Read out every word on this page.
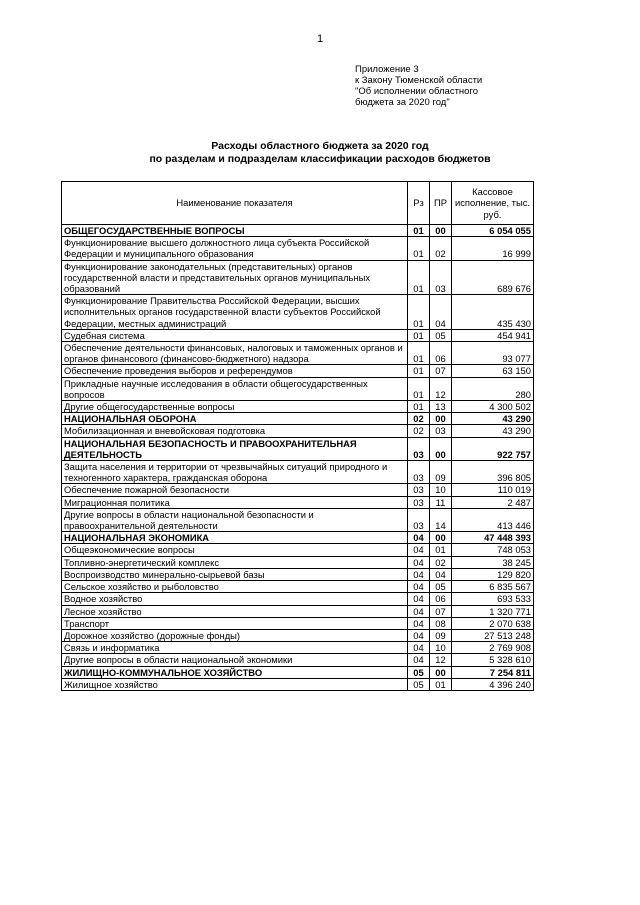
1
Приложение 3
к Закону Тюменской области
"Об исполнении областного
бюджета за 2020 год"
Расходы областного бюджета за 2020 год
по разделам и подразделам классификации расходов бюджетов
Наименование показателя	Рз	ПР	Кассовое исполнение, тыс. руб.
ОБЩЕГОСУДАРСТВЕННЫЕ ВОПРОСЫ	01	00	6 054 055
Функционирование высшего должностного лица субъекта Российской Федерации и муниципального образования	01	02	16 999
Функционирование законодательных (представительных) органов государственной власти и представительных органов муниципальных образований	01	03	689 676
Функционирование Правительства Российской Федерации, высших исполнительных органов государственной власти субъектов Российской Федерации, местных администраций	01	04	435 430
Судебная система	01	05	454 941
Обеспечение деятельности финансовых, налоговых и таможенных органов и органов финансового (финансово-бюджетного) надзора	01	06	93 077
Обеспечение проведения выборов и референдумов	01	07	63 150
Прикладные научные исследования в области общегосударственных вопросов	01	12	280
Другие общегосударственные вопросы	01	13	4 300 502
НАЦИОНАЛЬНАЯ ОБОРОНА	02	00	43 290
Мобилизационная и вневойсковая подготовка	02	03	43 290
НАЦИОНАЛЬНАЯ БЕЗОПАСНОСТЬ И ПРАВООХРАНИТЕЛЬНАЯ ДЕЯТЕЛЬНОСТЬ	03	00	922 757
Защита населения и территории от чрезвычайных ситуаций природного и техногенного характера, гражданская оборона	03	09	396 805
Обеспечение пожарной безопасности	03	10	110 019
Миграционная политика	03	11	2 487
Другие вопросы в области национальной безопасности и правоохранительной деятельности	03	14	413 446
НАЦИОНАЛЬНАЯ ЭКОНОМИКА	04	00	47 448 393
Общеэкономические вопросы	04	01	748 053
Топливно-энергетический комплекс	04	02	38 245
Воспроизводство минерально-сырьевой базы	04	04	129 820
Сельское хозяйство и рыболовство	04	05	6 835 567
Водное хозяйство	04	06	693 533
Лесное хозяйство	04	07	1 320 771
Транспорт	04	08	2 070 638
Дорожное хозяйство (дорожные фонды)	04	09	27 513 248
Связь и информатика	04	10	2 769 908
Другие вопросы в области национальной экономики	04	12	5 328 610
ЖИЛИЩНО-КОММУНАЛЬНОЕ ХОЗЯЙСТВО	05	00	7 254 811
Жилищное хозяйство	05	01	4 396 240
